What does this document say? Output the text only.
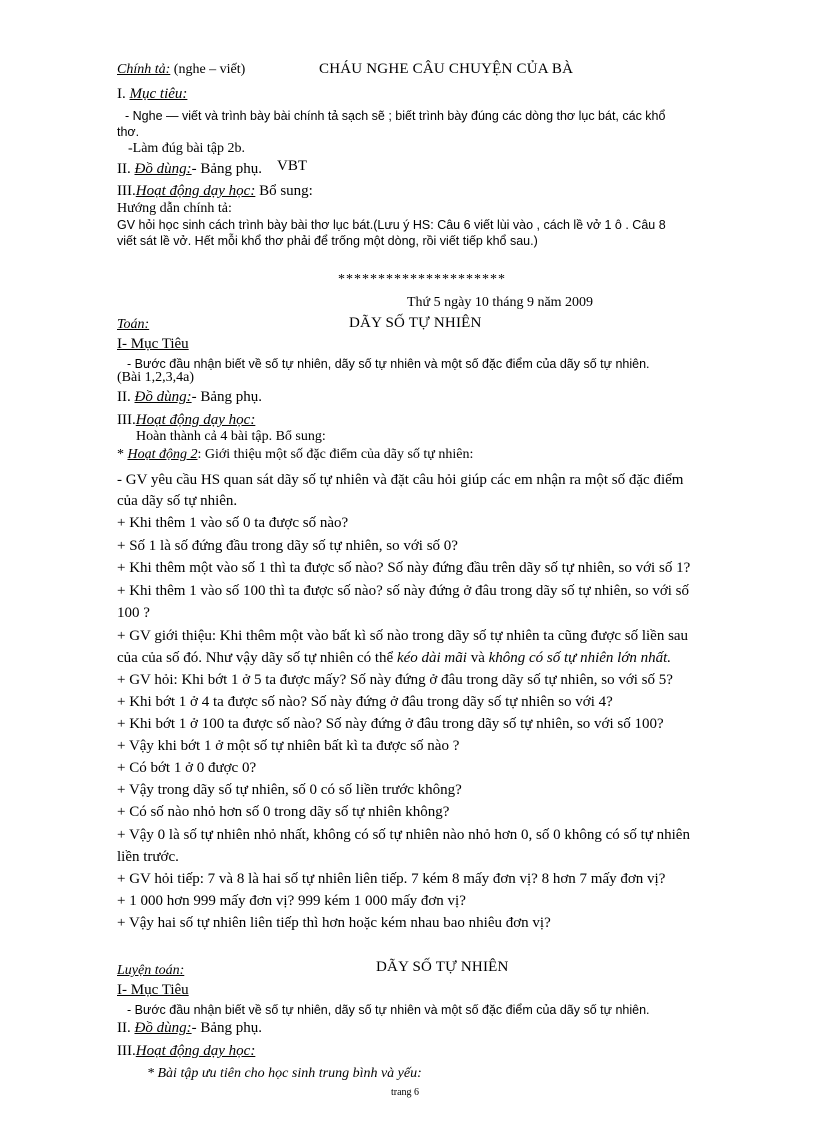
Chính tả: (nghe – viết)	CHÁU NGHE CÂU CHUYỆN CỦA BÀ
I. Mục tiêu:
- Nghe — viết và trình bày bài chính tả sạch sẽ ; biết trình bày đúng các dòng thơ lục bát, các khổ
thơ.
-Làm đúg bài tập 2b.
II. Đồ dùng:- Bảng phụ. VBT
III.Hoạt động dạy học: Bổ sung:
Hướng dẫn chính tả:
GV hỏi học sinh cách trình bày bài thơ lục bát.(Lưu ý HS: Câu 6 viết lùi vào , cách lề vở 1 ô . Câu 8
viết sát lề vở. Hết mỗi khổ thơ phải để trống một dòng, rồi viết tiếp khổ sau.)
*********************
Thứ 5 ngày 10 tháng 9 năm 2009
Toán:	DÃY SỐ TỰ NHIÊN
I- Mục Tiêu
- Bước đầu nhận biết về số tự nhiên, dãy số tự nhiên và một số đặc điểm của dãy số tự nhiên.
(Bài 1,2,3,4a)
II. Đồ dùng:- Bảng phụ.
III.Hoạt động dạy học:
Hoàn thành cả 4 bài tập. Bổ sung:
* Hoạt động 2: Giới thiệu một số đặc điểm của dãy số tự nhiên:
- GV yêu cầu HS quan sát dãy số tự nhiên và đặt câu hỏi giúp các em nhận ra một số đặc điểm
của dãy số tự nhiên.
+ Khi thêm 1 vào số 0 ta được số nào?
+ Số 1 là số đứng đầu trong dãy số tự nhiên, so với số 0?
+ Khi thêm một vào số 1 thì ta được số nào? Số này đứng đầu trên dãy số tự nhiên, so với số 1?
+ Khi thêm 1 vào số 100 thì ta được số nào? số này đứng ở đâu trong dãy số tự nhiên, so với số
100 ?
+ GV giới thiệu: Khi thêm một vào bất kì số nào trong dãy số tự nhiên ta cũng được số liền sau
của của số đó. Như vậy dãy số tự nhiên có thể kéo dài mãi và không có số tự nhiên lớn nhất.
+ GV hỏi: Khi bớt 1 ở 5 ta được mấy? Số này đứng ở đâu trong dãy số tự nhiên, so với số 5?
+ Khi bớt 1 ở 4 ta được số nào? Số này đứng ở đâu trong dãy số tự nhiên so với 4?
+ Khi bớt 1 ở 100 ta được số nào? Số này đứng ở đâu trong dãy số tự nhiên, so với số 100?
+ Vậy khi bớt 1 ở một số tự nhiên bất kì ta được số nào ?
+ Có bớt 1 ở 0 được 0?
+ Vậy trong dãy số tự nhiên, số 0 có số liền trước không?
+ Có số nào nhỏ hơn số 0 trong dãy số tự nhiên không?
+ Vậy 0 là số tự nhiên nhỏ nhất, không có số tự nhiên nào nhỏ hơn 0, số 0 không có số tự nhiên
liền trước.
+ GV hỏi tiếp: 7 và 8 là hai số tự nhiên liên tiếp. 7 kém 8 mấy đơn vị? 8 hơn 7 mấy đơn vị?
+ 1 000 hơn 999 mấy đơn vị? 999 kém 1 000 mấy đơn vị?
+ Vậy hai số tự nhiên liên tiếp thì hơn hoặc kém nhau bao nhiêu đơn vị?
Luyện toán:	DÃY SỐ TỰ NHIÊN
I- Mục Tiêu
- Bước đầu nhận biết về số tự nhiên, dãy số tự nhiên và một số đặc điểm của dãy số tự nhiên.
II. Đồ dùng:- Bảng phụ.
III.Hoạt động dạy học:
* Bài tập ưu tiên cho học sinh trung bình và yếu:
trang 6
